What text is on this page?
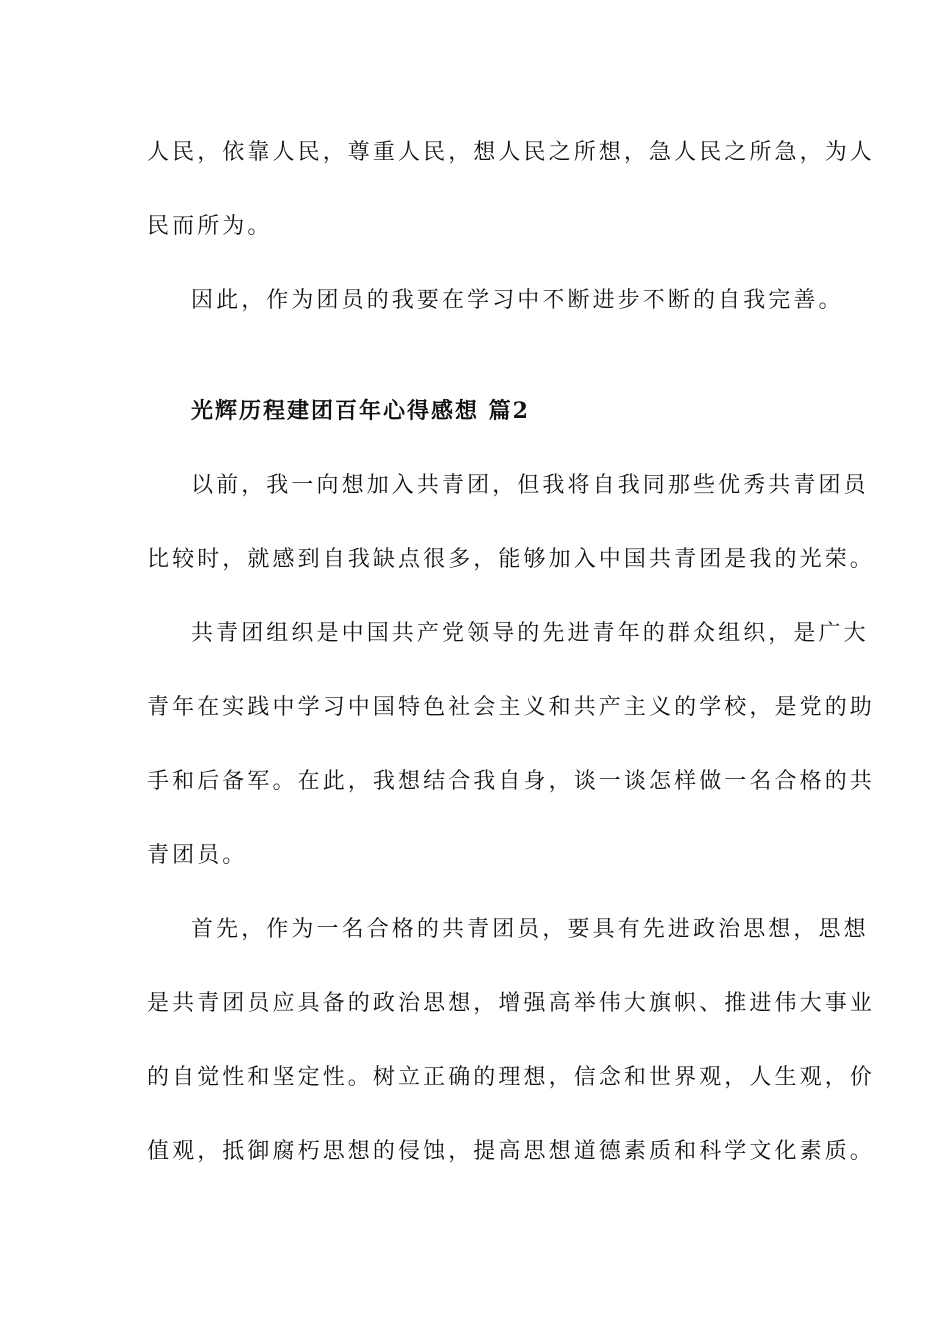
人民，依靠人民，尊重人民，想人民之所想，急人民之所急，为人
民而所为。
因此，作为团员的我要在学习中不断进步不断的自我完善。
光辉历程建团百年心得感想 篇2
以前，我一向想加入共青团，但我将自我同那些优秀共青团员
比较时，就感到自我缺点很多，能够加入中国共青团是我的光荣。
共青团组织是中国共产党领导的先进青年的群众组织，是广大
青年在实践中学习中国特色社会主义和共产主义的学校，是党的助
手和后备军。在此，我想结合我自身，谈一谈怎样做一名合格的共
青团员。
首先，作为一名合格的共青团员，要具有先进政治思想，思想
是共青团员应具备的政治思想，增强高举伟大旗帜、推进伟大事业
的自觉性和坚定性。树立正确的理想，信念和世界观，人生观，价
值观，抵御腐朽思想的侵蚀，提高思想道德素质和科学文化素质。
